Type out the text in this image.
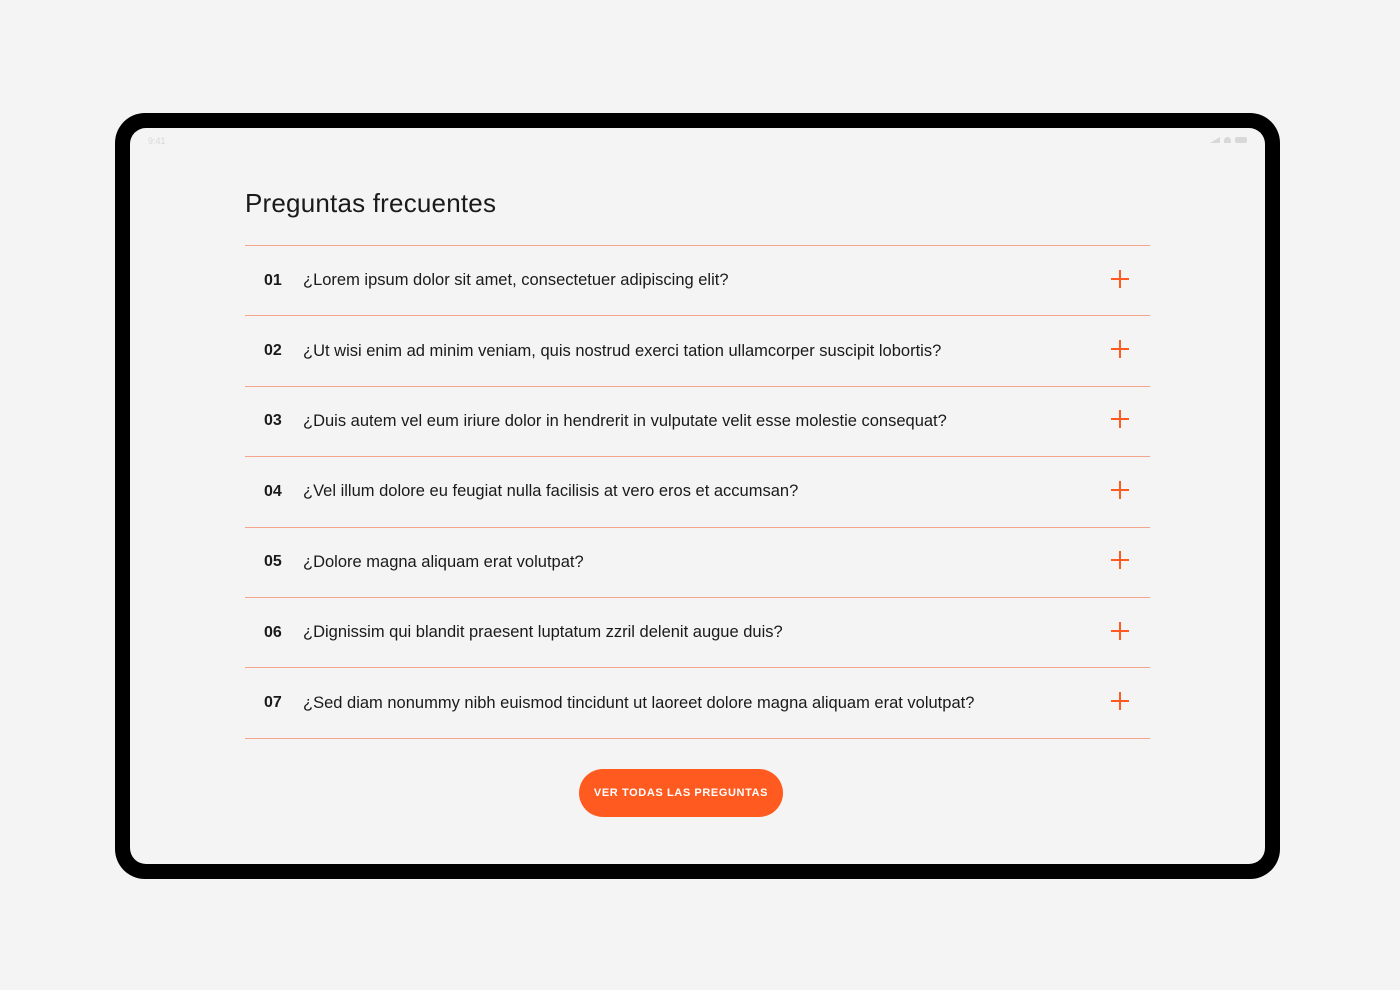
9:41
Preguntas frecuentes
01	¿Lorem ipsum dolor sit amet, consectetuer adipiscing elit?
02	¿Ut wisi enim ad minim veniam, quis nostrud exerci tation ullamcorper suscipit lobortis?
03	¿Duis autem vel eum iriure dolor in hendrerit in vulputate velit esse molestie consequat?
04	¿Vel illum dolore eu feugiat nulla facilisis at vero eros et accumsan?
05	¿Dolore magna aliquam erat volutpat?
06	¿Dignissim qui blandit praesent luptatum zzril delenit augue duis?
07	¿Sed diam nonummy nibh euismod tincidunt ut laoreet dolore magna aliquam erat volutpat?
VER TODAS LAS PREGUNTAS
